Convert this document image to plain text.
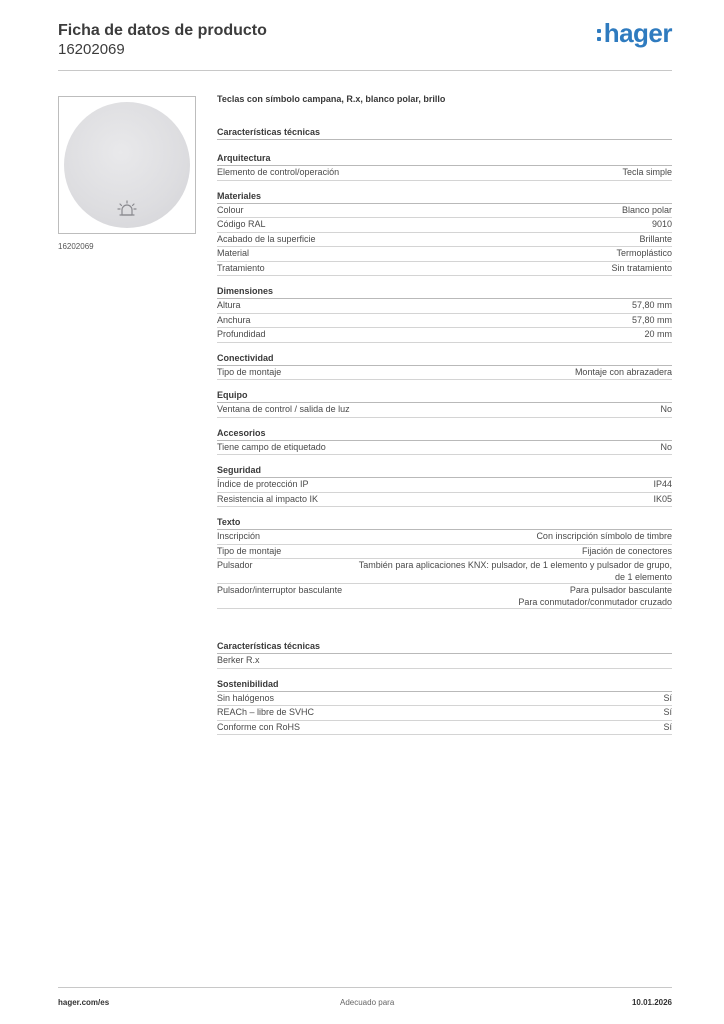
Ficha de datos de producto
16202069
hager
16202069
Teclas con símbolo campana, R.x, blanco polar, brillo
Características técnicas
Arquitectura
Elemento de control/operación	Tecla simple
Materiales
Colour	Blanco polar
Código RAL	9010
Acabado de la superficie	Brillante
Material	Termoplástico
Tratamiento	Sin tratamiento
Dimensiones
Altura	57,80 mm
Anchura	57,80 mm
Profundidad	20 mm
Conectividad
Tipo de montaje	Montaje con abrazadera
Equipo
Ventana de control / salida de luz	No
Accesorios
Tiene campo de etiquetado	No
Seguridad
Índice de protección IP	IP44
Resistencia al impacto IK	IK05
Texto
Inscripción	Con inscripción símbolo de timbre
Tipo de montaje	Fijación de conectores
Pulsador	También para aplicaciones KNX: pulsador, de 1 elemento y pulsador de grupo, de 1 elemento
Pulsador/interruptor basculante	Para pulsador basculante
Para conmutador/conmutador cruzado
Características técnicas
Berker R.x
Sostenibilidad
Sin halógenos	Sí
REACh – libre de SVHC	Sí
Conforme con RoHS	Sí
hager.com/es	Adecuado para	10.01.2026
